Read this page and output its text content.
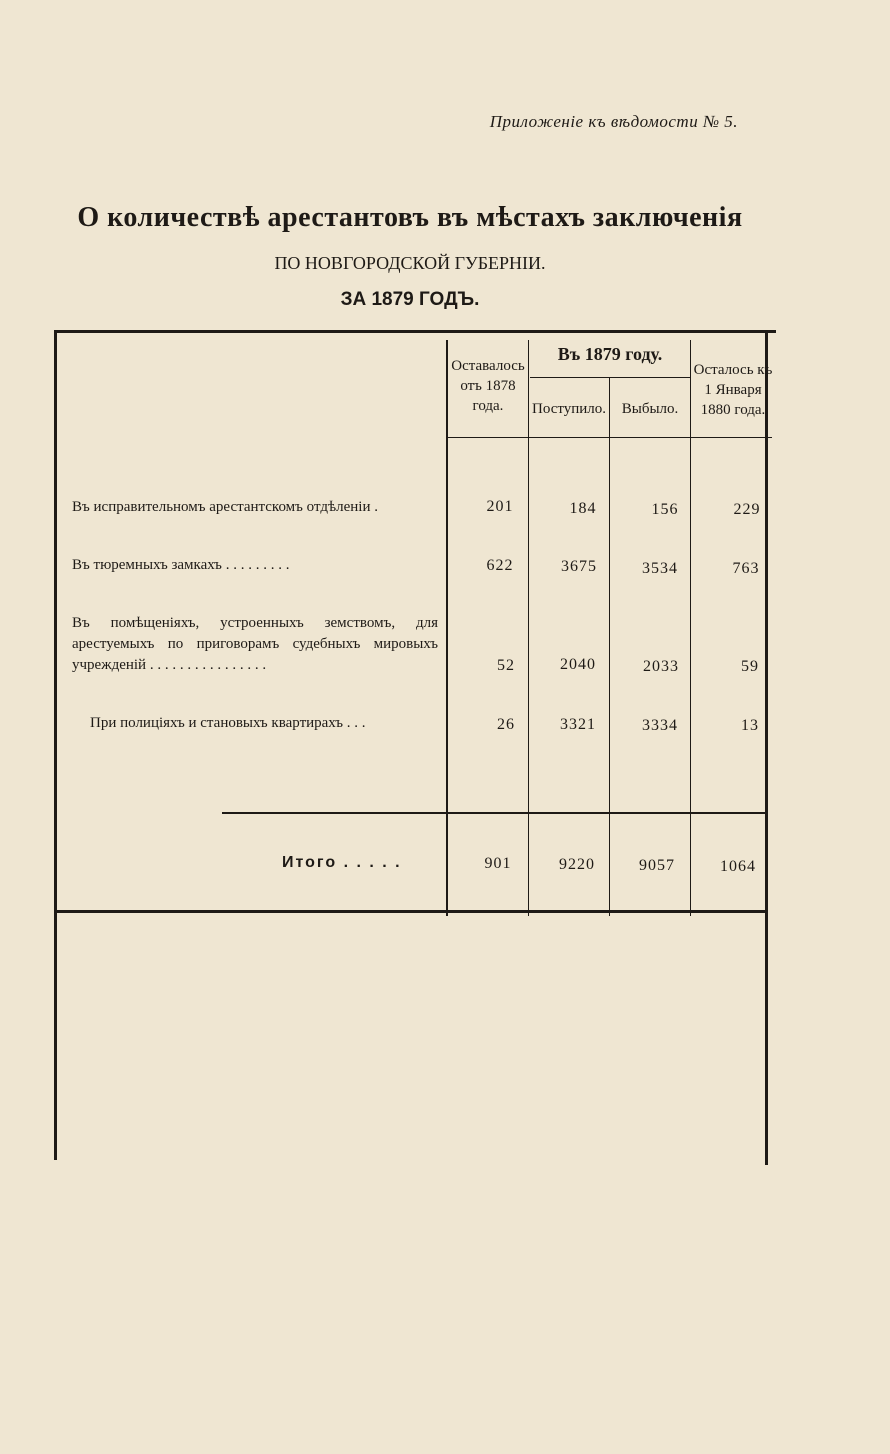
Приложеніе къ вѣдомости № 5.
О количествѣ арестантовъ въ мѣстахъ заключенія
ПО НОВГОРОДСКОЙ ГУБЕРНІИ.
ЗА 1879 ГОДЪ.
Оставалось отъ 1878 года.
Въ 1879 году.
Поступило.	Выбыло.
Осталось къ 1 Января 1880 года.
Въ исправительномъ арестантскомъ отдѣленіи .	201	184	156	229
Въ тюремныхъ замкахъ . . . . . . . . .	622	3675	3534	763
Въ помѣщеніяхъ, устроенныхъ земствомъ, для арестуемыхъ по приговорамъ судебныхъ мировыхъ учрежденій . . . . . . . . . . . . . . . .	52	2040	2033	59
При полиціяхъ и становыхъ квартирахъ . . .	26	3321	3334	13
Итого . . . . .	901	9220	9057	1064
